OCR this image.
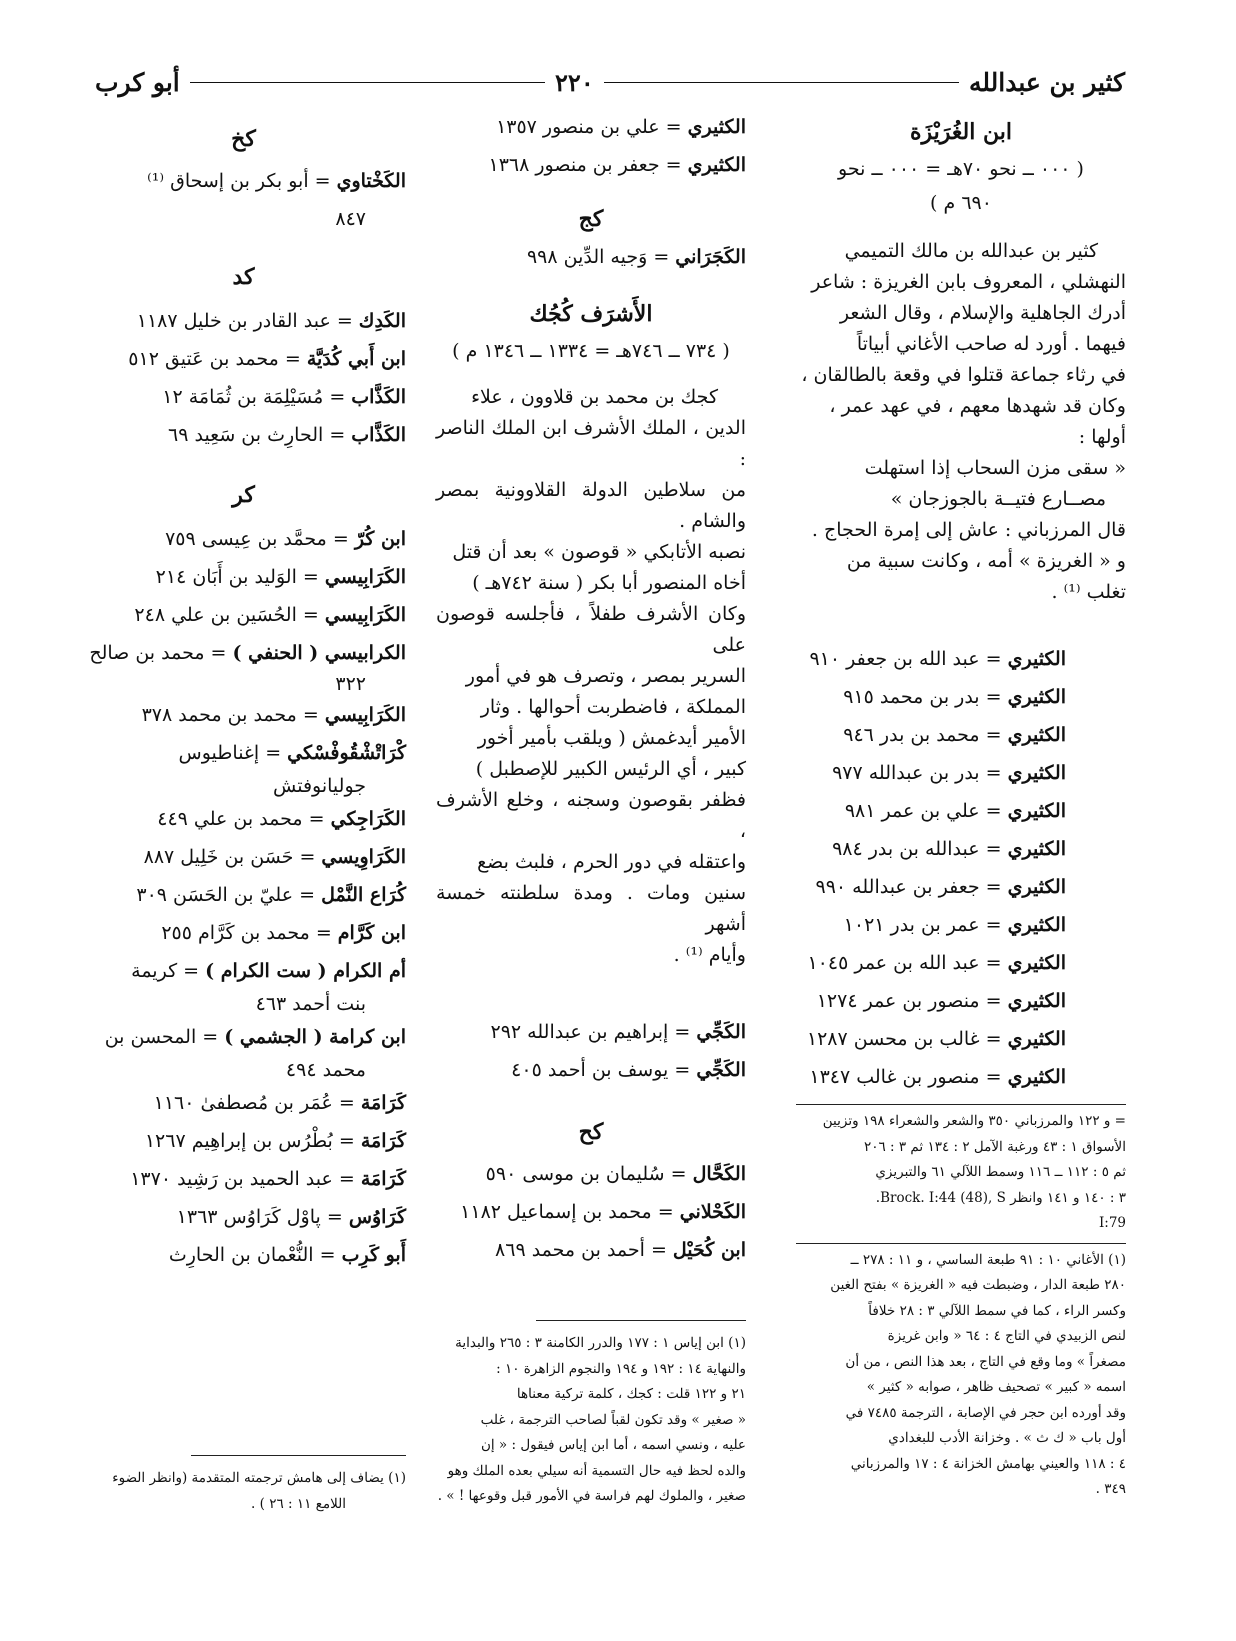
كثير بن عبدالله
٢٢٠
أبو كرب
ابن الغُرَيْزَة
( ٠٠٠ ــ نحو ٧٠هـ = ٠٠٠ ــ نحو
٦٩٠ م )
كثير بن عبدالله بن مالك التميمي
النهشلي ، المعروف بابن الغريزة : شاعر
أدرك الجاهلية والإسلام ، وقال الشعر
فيهما . أورد له صاحب الأغاني أبياتاً
في رثاء جماعة قتلوا في وقعة بالطالقان ،
وكان قد شهدها معهم ، في عهد عمر ،
أولها :
« سقى مزن السحاب إذا استهلت
مصــارع فتيــة بالجوزجان »
قال المرزباني : عاش إلى إمرة الحجاج .
و « الغريزة » أمه ، وكانت سبية من
تغلب ⁽¹⁾ .
الكثيري = عبد الله بن جعفر ٩١٠
الكثيري = بدر بن محمد ٩١٥
الكثيري = محمد بن بدر ٩٤٦
الكثيري = بدر بن عبدالله ٩٧٧
الكثيري = علي بن عمر ٩٨١
الكثيري = عبدالله بن بدر ٩٨٤
الكثيري = جعفر بن عبدالله ٩٩٠
الكثيري = عمر بن بدر ١٠٢١
الكثيري = عبد الله بن عمر ١٠٤٥
الكثيري = منصور بن عمر ١٢٧٤
الكثيري = غالب بن محسن ١٢٨٧
الكثيري = منصور بن غالب ١٣٤٧
= و ١٢٢ والمرزباني ٣٥٠ والشعر والشعراء ١٩٨ وتزيين
الأسواق ١ : ٤٣ ورغبة الآمل ٢ : ١٣٤ ثم ٣ : ٢٠٦
ثم ٥ : ١١٢ ــ ١١٦ وسمط اللآلي ٦١ والتبريزي
٣ : ١٤٠ و ١٤١ وانظر Brock. I:44 (48), S.
I:79
(١) الأغاني ١٠ : ٩١ طبعة الساسي ، و ١١ : ٢٧٨ ــ
٢٨٠ طبعة الدار ، وضبطت فيه « الغريزة » بفتح الغين
وكسر الراء ، كما في سمط اللآلي ٣ : ٢٨ خلافاً
لنص الزبيدي في التاج ٤ : ٦٤ « وابن غريزة
مصغراً » وما وقع في التاج ، بعد هذا النص ، من أن
اسمه « كبير » تصحيف ظاهر ، صوابه « كثير »
وقد أورده ابن حجر في الإصابة ، الترجمة ٧٤٨٥ في
أول باب « ك ث » . وخزانة الأدب للبغدادي
٤ : ١١٨ والعيني بهامش الخزانة ٤ : ١٧ والمرزباني
٣٤٩ .
الكثيري = علي بن منصور ١٣٥٧
الكثيري = جعفر بن منصور ١٣٦٨
كج
الكَجَرَاني = وَجيه الدِّين ٩٩٨
الأَشرَف كُجُك
( ٧٣٤ ــ ٧٤٦هـ = ١٣٣٤ ــ ١٣٤٦ م )
كجك بن محمد بن قلاوون ، علاء
الدين ، الملك الأشرف ابن الملك الناصر :
من سلاطين الدولة القلاوونية بمصر والشام .
نصبه الأتابكي « قوصون » بعد أن قتل
أخاه المنصور أبا بكر ( سنة ٧٤٢هـ )
وكان الأشرف طفلاً ، فأجلسه قوصون على
السرير بمصر ، وتصرف هو في أمور
المملكة ، فاضطربت أحوالها . وثار
الأمير أيدغمش ( ويلقب بأمير أخور
كبير ، أي الرئيس الكبير للإصطبل )
فظفر بقوصون وسجنه ، وخلع الأشرف ،
واعتقله في دور الحرم ، فلبث بضع
سنين ومات . ومدة سلطنته خمسة أشهر
وأيام ⁽¹⁾ .
الكَجِّي = إبراهيم بن عبدالله ٢٩٢
الكَجِّي = يوسف بن أحمد ٤٠٥
كح
الكَحَّال = سُليمان بن موسى ٥٩٠
الكَحْلاني = محمد بن إسماعيل ١١٨٢
ابن كُحَيْل = أحمد بن محمد ٨٦٩
(١) ابن إياس ١ : ١٧٧ والدرر الكامنة ٣ : ٢٦٥ والبداية
والنهاية ١٤ : ١٩٢ و ١٩٤ والنجوم الزاهرة ١٠ :
٢١ و ١٢٢ قلت : كجك ، كلمة تركية معناها
« صغير » وقد تكون لقباً لصاحب الترجمة ، غلب
عليه ، ونسي اسمه ، أما ابن إياس فيقول : « إن
والده لحظ فيه حال التسمية أنه سيلي بعده الملك وهو
صغير ، والملوك لهم فراسة في الأمور قبل وقوعها ! » .
كخ
الكَخْتاوي = أبو بكر بن إسحاق ⁽¹⁾
٨٤٧
كد
الكَدِك = عبد القادر بن خليل ١١٨٧
ابن أَبي كُدَيَّة = محمد بن عَتيق ٥١٢
الكَذَّاب = مُسَيْلِمَة بن ثُمَامَة ١٢
الكَذَّاب = الحارِث بن سَعِيد ٦٩
كر
ابن كُرّ = محمَّد بن عِيسى ٧٥٩
الكَرَابِيسي = الوَليد بن أَبَان ٢١٤
الكَرَابِيسي = الحُسَين بن علي ٢٤٨
الكرابيسي ( الحنفي ) = محمد بن صالح
٣٢٢
الكَرَابِيسي = محمد بن محمد ٣٧٨
كْرَاتْشْقُوفْسْكي = إغناطيوس
جوليانوفتش
الكَرَاجِكي = محمد بن علي ٤٤٩
الكَرَاوِيسي = حَسَن بن خَلِيل ٨٨٧
كُرَاع النَّمْل = عليّ بن الحَسَن ٣٠٩
ابن كَرَّام = محمد بن كَرَّام ٢٥٥
أم الكرام ( ست الكرام ) = كريمة
بنت أحمد ٤٦٣
ابن كرامة ( الجشمي ) = المحسن بن
محمد ٤٩٤
كَرَامَة = عُمَر بن مُصطفىٰ ١١٦٠
كَرَامَة = بُطْرُس بن إبراهِيم ١٢٦٧
كَرَامَة = عبد الحميد بن رَشِيد ١٣٧٠
كَرَاوُس = پاوْل كَرَاوُس ١٣٦٣
أَبو كَرِب = النُّعْمان بن الحارِث
(١) يضاف إلى هامش ترجمته المتقدمة (وانظر الضوء
اللامع ١١ : ٢٦ ) .
